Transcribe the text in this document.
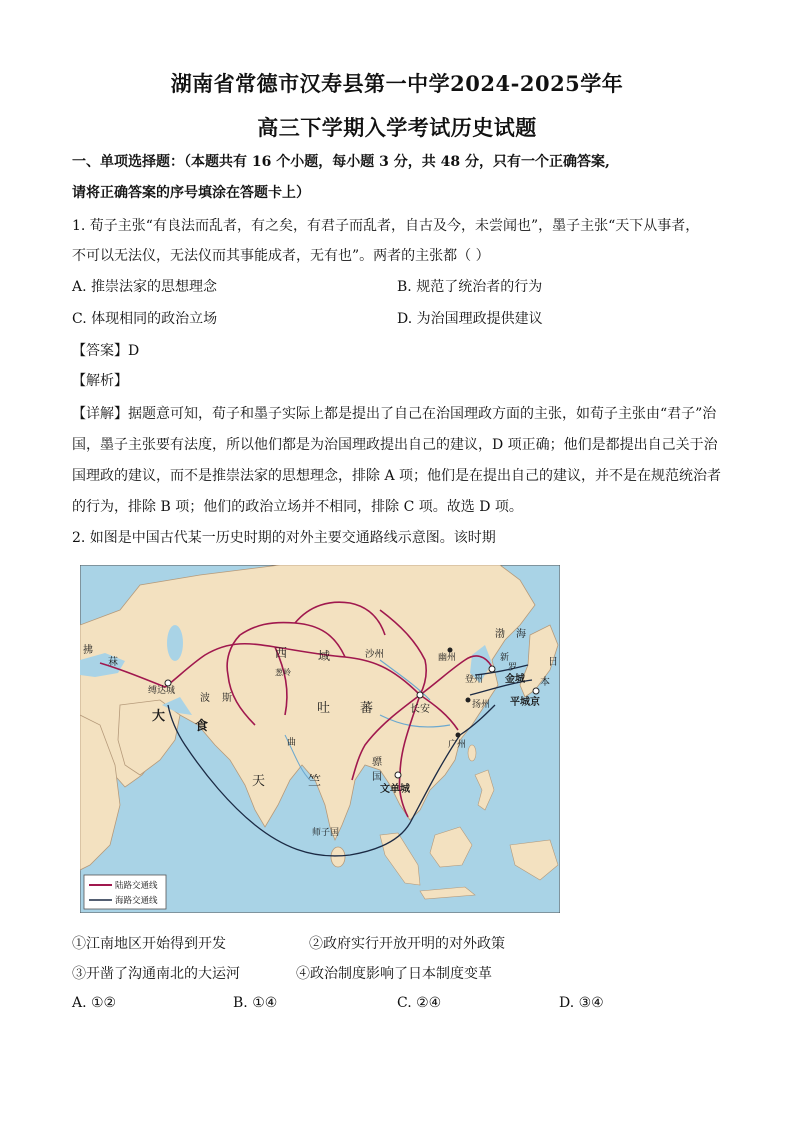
湖南省常德市汉寿县第一中学2024-2025学年
高三下学期入学考试历史试题
一、单项选择题：（本题共有 16 个小题，每小题 3 分，共 48 分，只有一个正确答案,
请将正确答案的序号填涂在答题卡上）
1. 荀子主张“有良法而乱者，有之矣，有君子而乱者，自古及今，未尝闻也”，墨子主张“天下从事者，
不可以无法仪，无法仪而其事能成者，无有也”。两者的主张都（ ）
A. 推崇法家的思想理念	B. 规范了统治者的行为
C. 体现相同的政治立场	D. 为治国理政提供建议
【答案】D
【解析】
【详解】据题意可知，荀子和墨子实际上都是提出了自己在治国理政方面的主张，如荀子主张由“君子”治
国，墨子主张要有法度，所以他们都是为治国理政提出自己的建议，D 项正确；他们是都提出自己关于治
国理政的建议，而不是推崇法家的思想理念，排除 A 项；他们是在提出自己的建议，并不是在规范统治者
的行为，排除 B 项；他们的政治立场并不相同，排除 C 项。故选 D 项。
2. 如图是中国古代某一历史时期的对外主要交通路线示意图。该时期
拂
菻
西	域	沙州
葱岭
缚达城
波 斯
大
食
吐 蕃	长安
幽州
渤 海
新
罗
登州 金城
日
本
平城京
扬州
广州
天	竺
曲
骠
国
文单城
师子国
陆路交通线
海路交通线
①江南地区开始得到开发	②政府实行开放开明的对外政策
③开凿了沟通南北的大运河	④政治制度影响了日本制度变革
A. ①②	B. ①④	C. ②④	D. ③④
